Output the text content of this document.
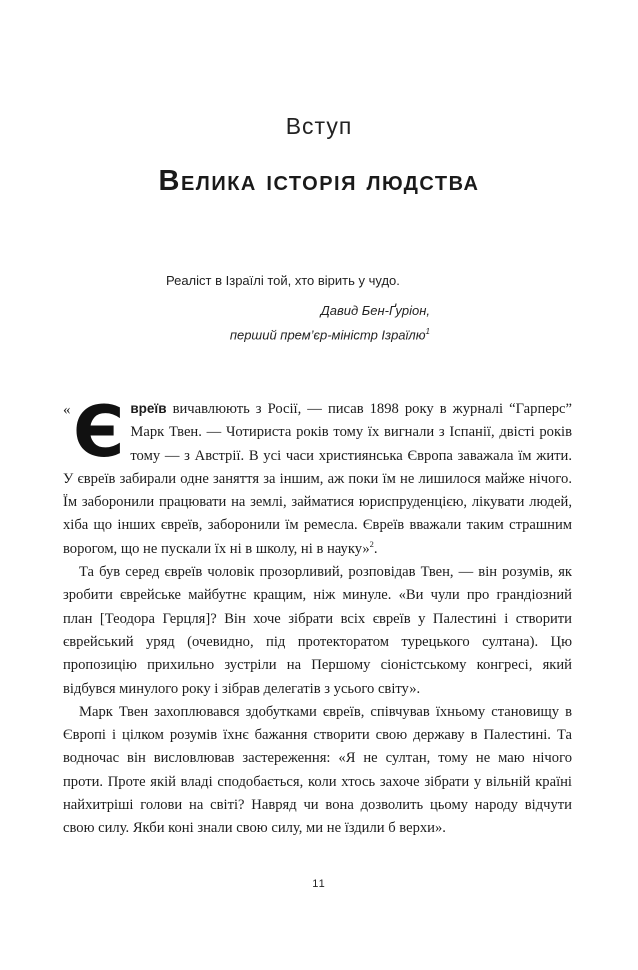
Вступ
Велика історія людства

Реаліст в Ізраїлі той, хто вірить у чудо.

Давид Бен-Ґуріон,

перший прем’єр-міністр Ізраїлю$^1$

« Є вреїв вичавлюють з Росії, — писав 1898 року в журналі “Гарперс” Марк Твен. — Чотириста років тому їх вигнали з Іспанії, двісті років тому — з Австрії. В усі часи християнська Європа заважала їм жити. У євреїв забирали одне заняття за іншим, аж поки їм не лишилося майже нічого. Їм заборонили працювати на землі, займатися юриспруденцією, лікувати людей, хіба що інших євреїв, заборонили їм ремесла. Євреїв вважали таким страшним ворогом, що не пускали їх ні в школу, ні в науку»$^2$.

Та був серед євреїв чоловік прозорливий, розповідав Твен, — він розумів, як зробити єврейське майбутнє кращим, ніж минуле. «Ви чули про грандіозний план [Теодора Герцля]? Він хоче зібрати всіх євреїв у Палестині і створити єврейський уряд (очевидно, під протекторатом турецького султана). Цю пропозицію прихильно зустріли на Першому сіоністському конгресі, який відбувся минулого року і зібрав делегатів з усього світу».

Марк Твен захоплювався здобутками євреїв, співчував їхньому становищу в Європі і цілком розумів їхнє бажання створити свою державу в Палестині. Та водночас він висловлював застереження: «Я не султан, тому не маю нічого проти. Проте якій владі сподобається, коли хтось захоче зібрати у вільній країні найхитріші голови на світі? Навряд чи вона дозволить цьому народу відчути свою силу. Якби коні знали свою силу, ми не їздили б верхи».

11
